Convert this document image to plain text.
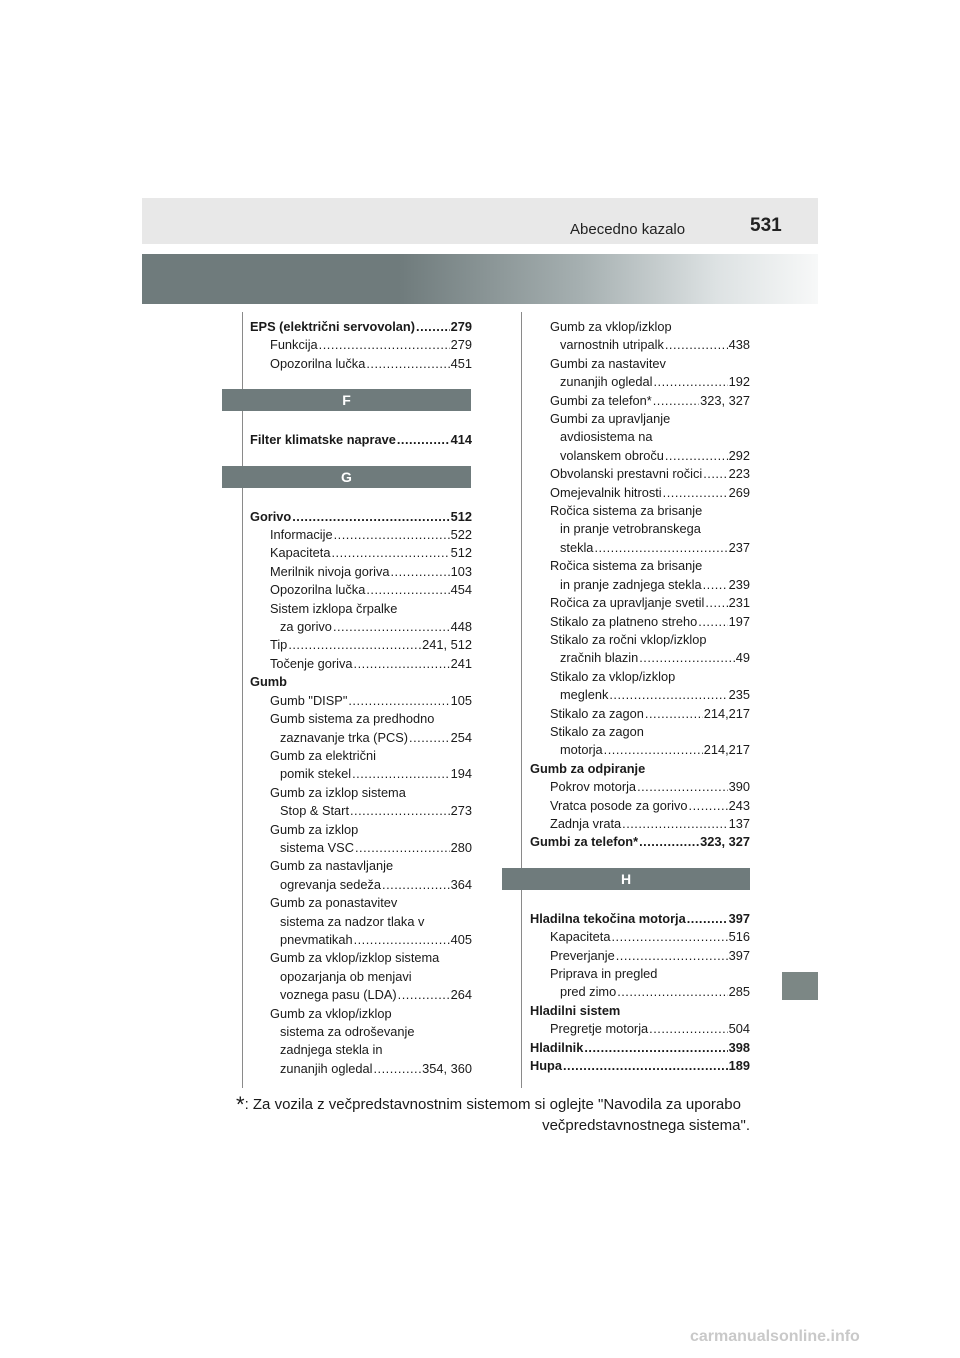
Abecedno kazalo	531
EPS (električni servovolan) .....	279
Funkcija .....	279
Opozorilna lučka .....	451
F
Filter klimatske naprave .....	414
G
Gorivo .....	512
Informacije .....	522
Kapaciteta .....	512
Merilnik nivoja goriva .....	103
Opozorilna lučka .....	454
Sistem izklopa črpalke
za gorivo .....	448
Tip .....	241, 512
Točenje goriva .....	241
Gumb
Gumb "DISP" .....	105
Gumb sistema za predhodno
zaznavanje trka (PCS) .....	254
Gumb za električni
pomik stekel .....	194
Gumb za izklop sistema
Stop & Start .....	273
Gumb za izklop
sistema VSC .....	280
Gumb za nastavljanje
ogrevanja sedeža .....	364
Gumb za ponastavitev
sistema za nadzor tlaka v
pnevmatikah .....	405
Gumb za vklop/izklop sistema
opozarjanja ob menjavi
voznega pasu (LDA) .....	264
Gumb za vklop/izklop
sistema za odroševanje
zadnjega stekla in
zunanjih ogledal .....	354, 360
Gumb za vklop/izklop
varnostnih utripalk .....	438
Gumbi za nastavitev
zunanjih ogledal .....	192
Gumbi za telefon* .....	323, 327
Gumbi za upravljanje
avdiosistema na
volanskem obroču .....	292
Obvolanski prestavni ročici ..... 223
Omejevalnik hitrosti .....	269
Ročica sistema za brisanje
in pranje vetrobranskega
stekla .....	237
Ročica sistema za brisanje
in pranje zadnjega stekla ..... 239
Ročica za upravljanje svetil ..... 231
Stikalo za platneno streho ..... 197
Stikalo za ročni vklop/izklop
zračnih blazin .....	49
Stikalo za vklop/izklop
meglenk .....	235
Stikalo za zagon .....	214,217
Stikalo za zagon
motorja .....	214,217
Gumb za odpiranje
Pokrov motorja .....	390
Vratca posode za gorivo .....	243
Zadnja vrata .....	137
Gumbi za telefon* .....	323, 327
H
Hladilna tekočina motorja .....	397
Kapaciteta .....	516
Preverjanje .....	397
Priprava in pregled
pred zimo .....	285
Hladilni sistem
Pregretje motorja .....	504
Hladilnik .....	398
Hupa .....	189
*: Za vozila z večpredstavnostnim sistemom si oglejte "Navodila za uporabo
večpredstavnostnega sistema".
carmanualsonline.info
